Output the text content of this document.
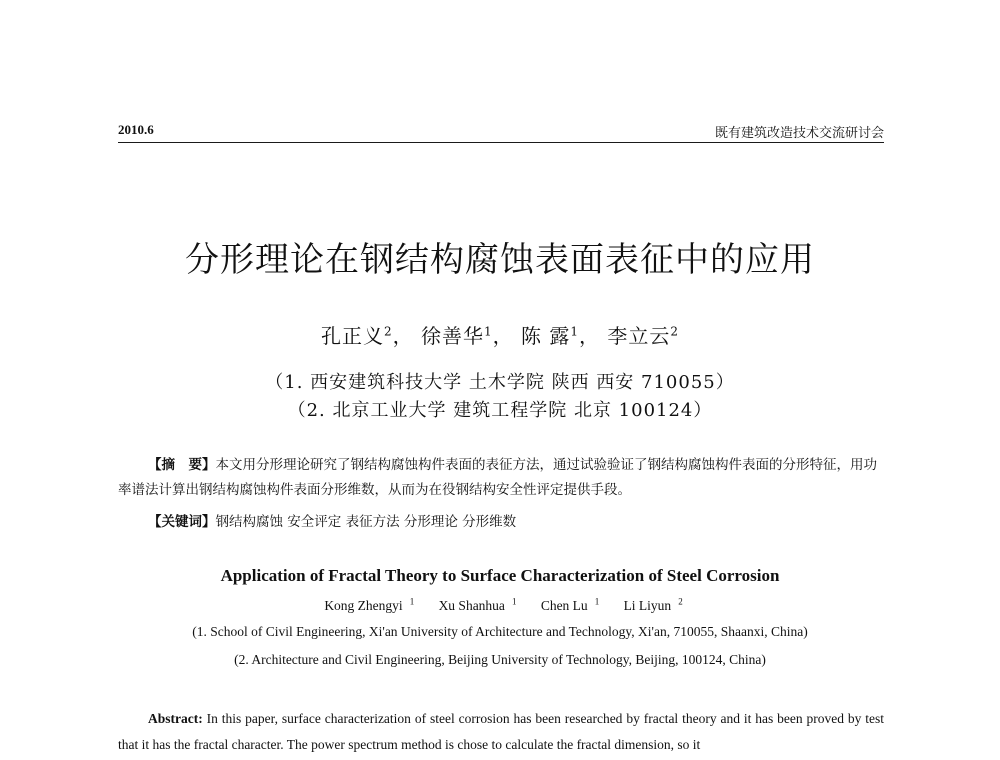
2010.6	既有建筑改造技术交流研讨会
分形理论在钢结构腐蚀表面表征中的应用
孔正义$^2$， 徐善华$^1$， 陈 露$^1$， 李立云$^2$
（1. 西安建筑科技大学 土木学院 陕西 西安 710055）
（2. 北京工业大学 建筑工程学院 北京 100124）
【摘　要】本文用分形理论研究了钢结构腐蚀构件表面的表征方法，通过试验验证了钢结构腐蚀构件表面的分形特征，用功率谱法计算出钢结构腐蚀构件表面分形维数，从而为在役钢结构安全性评定提供手段。
【关键词】钢结构腐蚀 安全评定 表征方法 分形理论 分形维数
Application of Fractal Theory to Surface Characterization of Steel Corrosion
Kong Zhengyi $^1$ Xu Shanhua $^1$ Chen Lu $^1$ Li Liyun $^2$
(1. School of Civil Engineering, Xi'an University of Architecture and Technology, Xi'an, 710055, Shaanxi, China)
(2. Architecture and Civil Engineering, Beijing University of Technology, Beijing, 100124, China)
Abstract: In this paper, surface characterization of steel corrosion has been researched by fractal theory and it has been proved by test that it has the fractal character. The power spectrum method is chose to calculate the fractal dimension, so it
